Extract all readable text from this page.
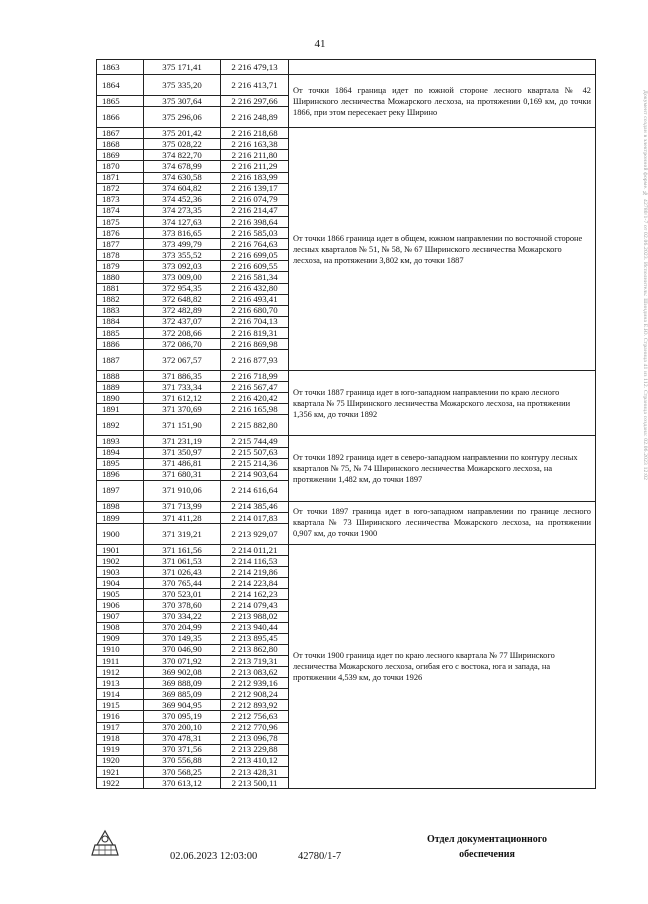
41
Документ создан в электронной форме. № 42780/1-7 от 02.06.2023. Исполнитель: Шиндина Е.Ю. Страница 41 из 112. Страница создана: 02.06.2023 12:02
1863	375 171,41	2 216 479,13	
1864	375 335,20	2 216 413,71	От точки 1864 граница идет по южной стороне лесного квартала № 42 Ширинского лесничества Можарского лесхоза, на протяжении 0,169 км, до точки 1866, при этом пересекает реку Ширино
1865	375 307,64	2 216 297,66	
1866	375 296,06	2 216 248,89	
1867	375 201,42	2 216 218,68	От точки 1866 граница идет в общем, южном направлении по восточной стороне лесных кварталов № 51, № 58, № 67 Ширинского лесничества Можарского лесхоза, на протяжении 3,802 км, до точки 1887
1868	375 028,22	2 216 163,38	
1869	374 822,70	2 216 211,80	
1870	374 678,99	2 216 211,29	
1871	374 630,58	2 216 183,99	
1872	374 604,82	2 216 139,17	
1873	374 452,36	2 216 074,79	
1874	374 273,35	2 216 214,47	
1875	374 127,63	2 216 398,64	
1876	373 816,65	2 216 585,03	
1877	373 499,79	2 216 764,63	
1878	373 355,52	2 216 699,05	
1879	373 092,03	2 216 609,55	
1880	373 009,00	2 216 581,34	
1881	372 954,35	2 216 432,80	
1882	372 648,82	2 216 493,41	
1883	372 482,89	2 216 680,70	
1884	372 437,07	2 216 704,13	
1885	372 208,66	2 216 819,31	
1886	372 086,70	2 216 869,98	
1887	372 067,57	2 216 877,93	
1888	371 886,35	2 216 718,99	От точки 1887 граница идет в юго-западном направлении по краю лесного квартала № 75 Ширинского лесничества Можарского лесхоза, на протяжении 1,356 км, до точки 1892
1889	371 733,34	2 216 567,47	
1890	371 612,12	2 216 420,42	
1891	371 370,69	2 216 165,98	
1892	371 151,90	2 215 882,80	
1893	371 231,19	2 215 744,49	От точки 1892 граница идет в северо-западном направлении по контуру лесных кварталов № 75, № 74 Ширинского лесничества Можарского лесхоза, на протяжении 1,482 км, до точки 1897
1894	371 350,97	2 215 507,63	
1895	371 486,81	2 215 214,36	
1896	371 680,31	2 214 903,64	
1897	371 910,06	2 214 616,64	
1898	371 713,99	2 214 385,46	От точки 1897 граница идет в юго-западном направлении по границе лесного квартала № 73 Ширинского лесничества Можарского лесхоза, на протяжении 0,907 км, до точки 1900
1899	371 411,28	2 214 017,83	
1900	371 319,21	2 213 929,07	
1901	371 161,56	2 214 011,21	От точки 1900 граница идет по краю лесного квартала № 77 Ширинского лесничества Можарского лесхоза, огибая его с востока, юга и запада, на протяжении 4,539 км, до точки 1926
1902	371 061,53	2 214 116,53	
1903	371 026,43	2 214 219,86	
1904	370 765,44	2 214 223,84	
1905	370 523,01	2 214 162,23	
1906	370 378,60	2 214 079,43	
1907	370 334,22	2 213 988,02	
1908	370 204,99	2 213 940,44	
1909	370 149,35	2 213 895,45	
1910	370 046,90	2 213 862,80	
1911	370 071,92	2 213 719,31	
1912	369 902,08	2 213 083,62	
1913	369 888,09	2 212 939,16	
1914	369 885,09	2 212 908,24	
1915	369 904,95	2 212 893,92	
1916	370 095,19	2 212 756,63	
1917	370 200,10	2 212 770,96	
1918	370 478,31	2 213 096,78	
1919	370 371,56	2 213 229,88	
1920	370 556,88	2 213 410,12	
1921	370 568,25	2 213 428,31	
1922	370 613,12	2 213 500,11	
02.06.2023 12:03:00	42780/1-7
Отдел документационного
обеспечения
